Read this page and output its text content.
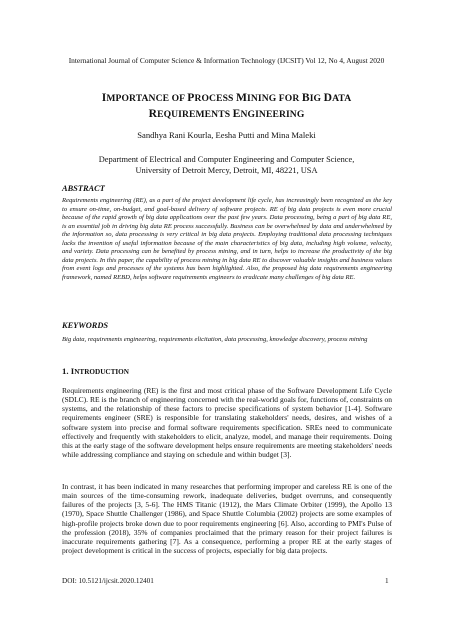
International Journal of Computer Science & Information Technology (IJCSIT) Vol 12, No 4, August 2020
IMPORTANCE OF PROCESS MINING FOR BIG DATA
REQUIREMENTS ENGINEERING
Sandhya Rani Kourla, Eesha Putti and Mina Maleki
Department of Electrical and Computer Engineering and Computer Science,
University of Detroit Mercy, Detroit, MI, 48221, USA
ABSTRACT
Requirements engineering (RE), as a part of the project development life cycle, has increasingly been recognized as the key to ensure on-time, on-budget, and goal-based delivery of software projects. RE of big data projects is even more crucial because of the rapid growth of big data applications over the past few years. Data processing, being a part of big data RE, is an essential job in driving big data RE process successfully. Business can be overwhelmed by data and underwhelmed by the information so, data processing is very critical in big data projects. Employing traditional data processing techniques lacks the invention of useful information because of the main characteristics of big data, including high volume, velocity, and variety. Data processing can be benefited by process mining, and in turn, helps to increase the productivity of the big data projects. In this paper, the capability of process mining in big data RE to discover valuable insights and business values from event logs and processes of the systems has been highlighted. Also, the proposed big data requirements engineering framework, named REBD, helps software requirements engineers to eradicate many challenges of big data RE.
KEYWORDS
Big data, requirements engineering, requirements elicitation, data processing, knowledge discovery, process mining
1. INTRODUCTION
Requirements engineering (RE) is the first and most critical phase of the Software Development Life Cycle (SDLC). RE is the branch of engineering concerned with the real-world goals for, functions of, constraints on systems, and the relationship of these factors to precise specifications of system behavior [1-4]. Software requirements engineer (SRE) is responsible for translating stakeholders' needs, desires, and wishes of a software system into precise and formal software requirements specification. SREs need to communicate effectively and frequently with stakeholders to elicit, analyze, model, and manage their requirements. Doing this at the early stage of the software development helps ensure requirements are meeting stakeholders' needs while addressing compliance and staying on schedule and within budget [3].
In contrast, it has been indicated in many researches that performing improper and careless RE is one of the main sources of the time-consuming rework, inadequate deliveries, budget overruns, and consequently failures of the projects [3, 5-6]. The HMS Titanic (1912), the Mars Climate Orbiter (1999), the Apollo 13 (1970), Space Shuttle Challenger (1986), and Space Shuttle Columbia (2002) projects are some examples of high-profile projects broke down due to poor requirements engineering [6]. Also, according to PMI's Pulse of the profession (2018), 35% of companies proclaimed that the primary reason for their project failures is inaccurate requirements gathering [7]. As a consequence, performing a proper RE at the early stages of project development is critical in the success of projects, especially for big data projects.
DOI: 10.5121/ijcsit.2020.12401	1
